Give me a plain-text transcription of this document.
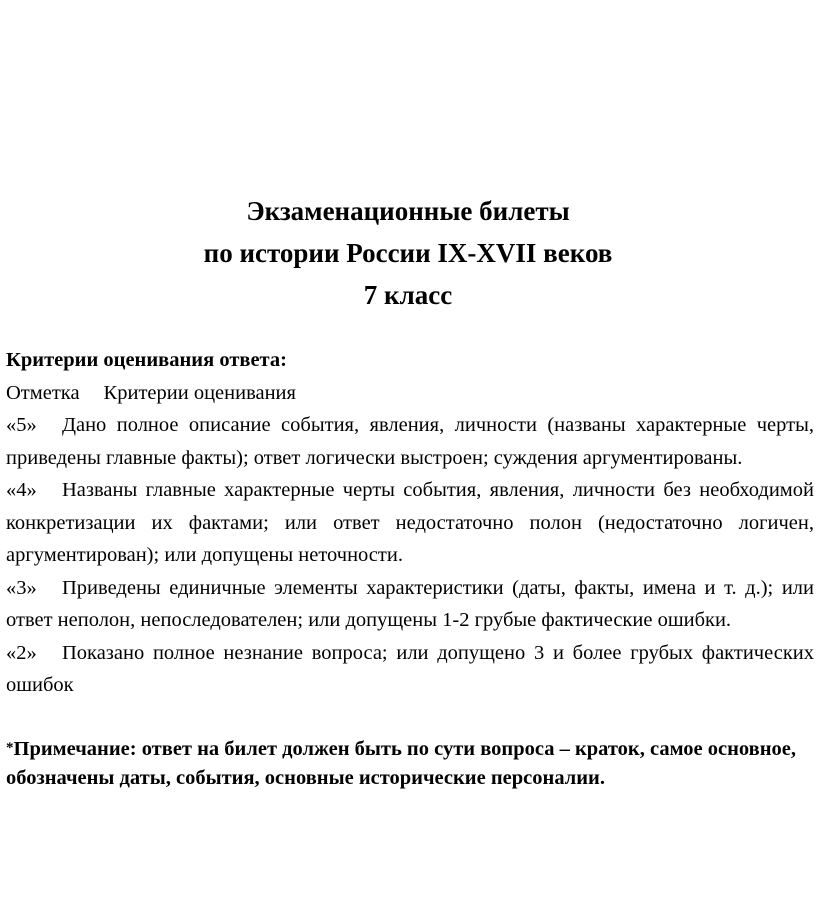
Экзаменационные билеты
по истории России IX-XVII веков
7 класс

Критерии оценивания ответа:

Отметка Критерии оценивания

«5» Дано полное описание события, явления, личности (названы характерные черты, приведены главные факты); ответ логически выстроен; суждения аргументированы.

«4» Названы главные характерные черты события, явления, личности без необходимой конкретизации их фактами; или ответ недостаточно полон (недостаточно логичен, аргументирован); или допущены неточности.

«3» Приведены единичные элементы характеристики (даты, факты, имена и т. д.); или ответ неполон, непоследователен; или допущены 1-2 грубые фактические ошибки.

«2» Показано полное незнание вопроса; или допущено 3 и более грубых фактических ошибок

*Примечание: ответ на билет должен быть по сути вопроса – краток, самое основное, обозначены даты, события, основные исторические персоналии.
